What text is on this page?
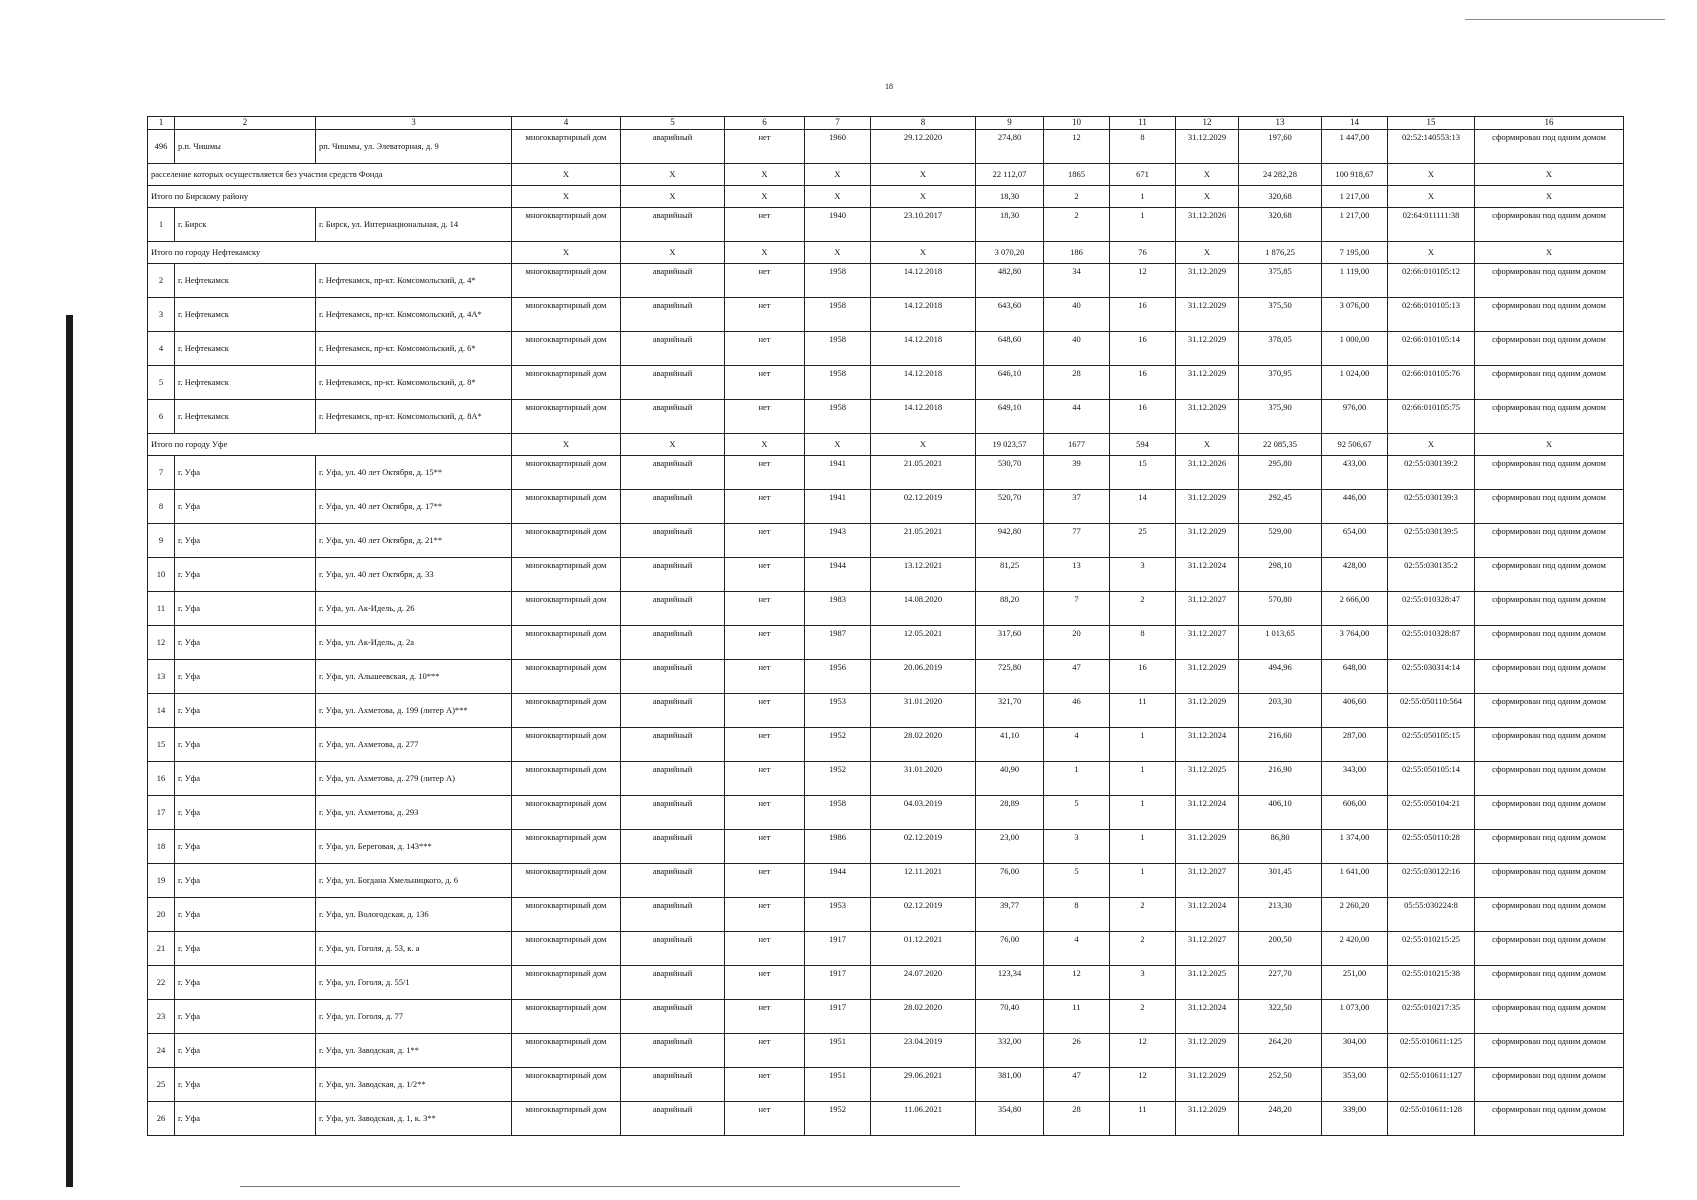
18
1	2	3	4	5	6	7	8	9	10	11	12	13	14	15	16
496	р.п. Чишмы	рп. Чишмы, ул. Элеваторная, д. 9	многоквартирный дом	аварийный	нет	1960	29.12.2020	274,80	12	8	31.12.2029	197,60	1 447,00	02:52:140553:13	сформирован под одним домом
расселение которых осуществляется без участия средств Фонда			X	X	X	X	X	22 112,07	1865	671	X	24 282,28	100 918,67	X	X
Итого по Бирскому району			X	X	X	X	X	18,30	2	1	X	320,68	1 217,00	X	X
1	г. Бирск	г. Бирск, ул. Интернациональная, д. 14	многоквартирный дом	аварийный	нет	1940	23.10.2017	18,30	2	1	31.12.2026	320,68	1 217,00	02:64:011111:38	сформирован под одним домом
Итого по городу Нефтекамску			X	X	X	X	X	3 070,20	186	76	X	1 876,25	7 195,00	X	X
2	г. Нефтекамск	г. Нефтекамск, пр-кт. Комсомольский, д. 4*	многоквартирный дом	аварийный	нет	1958	14.12.2018	482,80	34	12	31.12.2029	375,85	1 119,00	02:66:010105:12	сформирован под одним домом
3	г. Нефтекамск	г. Нефтекамск, пр-кт. Комсомольский, д. 4А*	многоквартирный дом	аварийный	нет	1958	14.12.2018	643,60	40	16	31.12.2029	375,50	3 076,00	02:66:010105:13	сформирован под одним домом
4	г. Нефтекамск	г. Нефтекамск, пр-кт. Комсомольский, д. 6*	многоквартирный дом	аварийный	нет	1958	14.12.2018	648,60	40	16	31.12.2029	378,05	1 000,00	02:66:010105:14	сформирован под одним домом
5	г. Нефтекамск	г. Нефтекамск, пр-кт. Комсомольский, д. 8*	многоквартирный дом	аварийный	нет	1958	14.12.2018	646,10	28	16	31.12.2029	370,95	1 024,00	02:66:010105:76	сформирован под одним домом
6	г. Нефтекамск	г. Нефтекамск, пр-кт. Комсомольский, д. 8А*	многоквартирный дом	аварийный	нет	1958	14.12.2018	649,10	44	16	31.12.2029	375,90	976,00	02:66:010105:75	сформирован под одним домом
Итого по городу Уфе			X	X	X	X	X	19 023,57	1677	594	X	22 085,35	92 506,67	X	X
7	г. Уфа	г. Уфа, ул. 40 лет Октября, д. 15**	многоквартирный дом	аварийный	нет	1941	21.05.2021	530,70	39	15	31.12.2026	295,80	433,00	02:55:030139:2	сформирован под одним домом
8	г. Уфа	г. Уфа, ул. 40 лет Октября, д. 17**	многоквартирный дом	аварийный	нет	1941	02.12.2019	520,70	37	14	31.12.2029	292,45	446,00	02:55:030139:3	сформирован под одним домом
9	г. Уфа	г. Уфа, ул. 40 лет Октября, д. 21**	многоквартирный дом	аварийный	нет	1943	21.05.2021	942,80	77	25	31.12.2029	529,00	654,00	02:55:030139:5	сформирован под одним домом
10	г. Уфа	г. Уфа, ул. 40 лет Октября, д. 33	многоквартирный дом	аварийный	нет	1944	13.12.2021	81,25	13	3	31.12.2024	298,10	428,00	02:55:030135:2	сформирован под одним домом
11	г. Уфа	г. Уфа, ул. Ак-Идель, д. 26	многоквартирный дом	аварийный	нет	1983	14.08.2020	88,20	7	2	31.12.2027	570,80	2 666,00	02:55:010328:47	сформирован под одним домом
12	г. Уфа	г. Уфа, ул. Ак-Идель, д. 2а	многоквартирный дом	аварийный	нет	1987	12.05.2021	317,60	20	8	31.12.2027	1 013,65	3 764,00	02:55:010328:87	сформирован под одним домом
13	г. Уфа	г. Уфа, ул. Альшеевская, д. 10***	многоквартирный дом	аварийный	нет	1956	20.06.2019	725,80	47	16	31.12.2029	494,96	648,00	02:55:030314:14	сформирован под одним домом
14	г. Уфа	г. Уфа, ул. Ахметова, д. 199 (литер А)***	многоквартирный дом	аварийный	нет	1953	31.01.2020	321,70	46	11	31.12.2029	203,30	406,60	02:55:050110:564	сформирован под одним домом
15	г. Уфа	г. Уфа, ул. Ахметова, д. 277	многоквартирный дом	аварийный	нет	1952	28.02.2020	41,10	4	1	31.12.2024	216,60	287,00	02:55:050105:15	сформирован под одним домом
16	г. Уфа	г. Уфа, ул. Ахметова, д. 279 (литер А)	многоквартирный дом	аварийный	нет	1952	31.01.2020	40,90	1	1	31.12.2025	216,90	343,00	02:55:050105:14	сформирован под одним домом
17	г. Уфа	г. Уфа, ул. Ахметова, д. 293	многоквартирный дом	аварийный	нет	1958	04.03.2019	28,89	5	1	31.12.2024	406,10	606,00	02:55:050104:21	сформирован под одним домом
18	г. Уфа	г. Уфа, ул. Береговая, д. 143***	многоквартирный дом	аварийный	нет	1986	02.12.2019	23,00	3	1	31.12.2029	86,80	1 374,00	02:55:050110:28	сформирован под одним домом
19	г. Уфа	г. Уфа, ул. Богдана Хмельницкого, д. 6	многоквартирный дом	аварийный	нет	1944	12.11.2021	76,00	5	1	31.12.2027	301,45	1 641,00	02:55:030122:16	сформирован под одним домом
20	г. Уфа	г. Уфа, ул. Вологодская, д. 136	многоквартирный дом	аварийный	нет	1953	02.12.2019	39,77	8	2	31.12.2024	213,30	2 260,20	05:55:030224:8	сформирован под одним домом
21	г. Уфа	г. Уфа, ул. Гоголя, д. 53, к. а	многоквартирный дом	аварийный	нет	1917	01.12.2021	76,00	4	2	31.12.2027	200,50	2 420,00	02:55:010215:25	сформирован под одним домом
22	г. Уфа	г. Уфа, ул. Гоголя, д. 55/1	многоквартирный дом	аварийный	нет	1917	24.07.2020	123,34	12	3	31.12.2025	227,70	251,00	02:55:010215:38	сформирован под одним домом
23	г. Уфа	г. Уфа, ул. Гоголя, д. 77	многоквартирный дом	аварийный	нет	1917	28.02.2020	70,40	11	2	31.12.2024	322,50	1 073,00	02:55:010217:35	сформирован под одним домом
24	г. Уфа	г. Уфа, ул. Заводская, д. 1**	многоквартирный дом	аварийный	нет	1951	23.04.2019	332,00	26	12	31.12.2029	264,20	304,00	02:55:010611:125	сформирован под одним домом
25	г. Уфа	г. Уфа, ул. Заводская, д. 1/2**	многоквартирный дом	аварийный	нет	1951	29.06.2021	381,00	47	12	31.12.2029	252,50	353,00	02:55:010611:127	сформирован под одним домом
26	г. Уфа	г. Уфа, ул. Заводская, д. 1, к. 3**	многоквартирный дом	аварийный	нет	1952	11.06.2021	354,80	28	11	31.12.2029	248,20	339,00	02:55:010611:128	сформирован под одним домом
